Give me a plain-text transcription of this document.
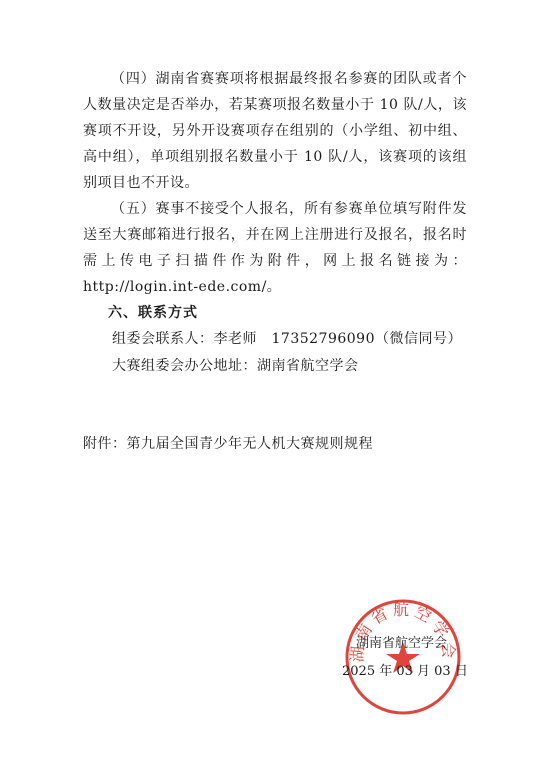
（四）湖南省赛赛项将根据最终报名参赛的团队或者个人数量决定是否举办，若某赛项报名数量小于 10 队/人，该赛项不开设，另外开设赛项存在组别的（小学组、初中组、高中组），单项组别报名数量小于 10 队/人，该赛项的该组别项目也不开设。

（五）赛事不接受个人报名，所有参赛单位填写附件发送至大赛邮箱进行报名，并在网上注册进行及报名，报名时需上传电子扫描件作为附件，网上报名链接为：http://login.int-ede.com/。

六、联系方式

组委会联系人：李老师　17352796090（微信同号）

大赛组委会办公地址：湖南省航空学会

附件：第九届全国青少年无人机大赛规则规程

湖南省航空学会

湖南省航空学会

2025 年 03 月 03 日
